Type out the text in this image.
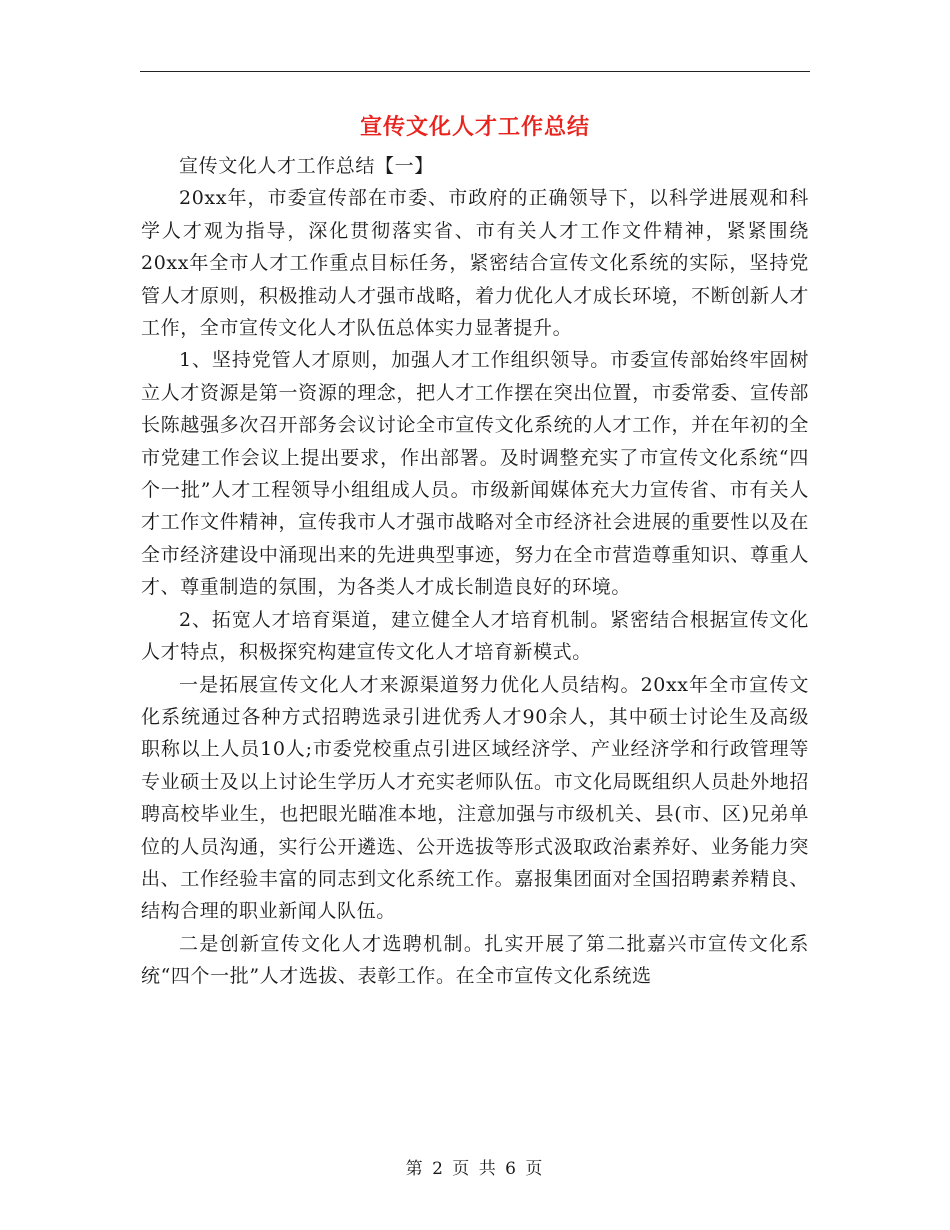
宣传文化人才工作总结

宣传文化人才工作总结【一】

20xx年，市委宣传部在市委、市政府的正确领导下，以科学进展观和科学人才观为指导，深化贯彻落实省、市有关人才工作文件精神，紧紧围绕20xx年全市人才工作重点目标任务，紧密结合宣传文化系统的实际，坚持党管人才原则，积极推动人才强市战略，着力优化人才成长环境，不断创新人才工作，全市宣传文化人才队伍总体实力显著提升。

1、坚持党管人才原则，加强人才工作组织领导。市委宣传部始终牢固树立人才资源是第一资源的理念，把人才工作摆在突出位置，市委常委、宣传部长陈越强多次召开部务会议讨论全市宣传文化系统的人才工作，并在年初的全市党建工作会议上提出要求，作出部署。及时调整充实了市宣传文化系统“四个一批”人才工程领导小组组成人员。市级新闻媒体充大力宣传省、市有关人才工作文件精神，宣传我市人才强市战略对全市经济社会进展的重要性以及在全市经济建设中涌现出来的先进典型事迹，努力在全市营造尊重知识、尊重人才、尊重制造的氛围，为各类人才成长制造良好的环境。

2、拓宽人才培育渠道，建立健全人才培育机制。紧密结合根据宣传文化人才特点，积极探究构建宣传文化人才培育新模式。

一是拓展宣传文化人才来源渠道努力优化人员结构。20xx年全市宣传文化系统通过各种方式招聘选录引进优秀人才90余人，其中硕士讨论生及高级职称以上人员10人;市委党校重点引进区域经济学、产业经济学和行政管理等专业硕士及以上讨论生学历人才充实老师队伍。市文化局既组织人员赴外地招聘高校毕业生，也把眼光瞄准本地，注意加强与市级机关、县(市、区)兄弟单位的人员沟通，实行公开遴选、公开选拔等形式汲取政治素养好、业务能力突出、工作经验丰富的同志到文化系统工作。嘉报集团面对全国招聘素养精良、结构合理的职业新闻人队伍。

二是创新宣传文化人才选聘机制。扎实开展了第二批嘉兴市宣传文化系统“四个一批”人才选拔、表彰工作。在全市宣传文化系统选

第 2 页 共 6 页
